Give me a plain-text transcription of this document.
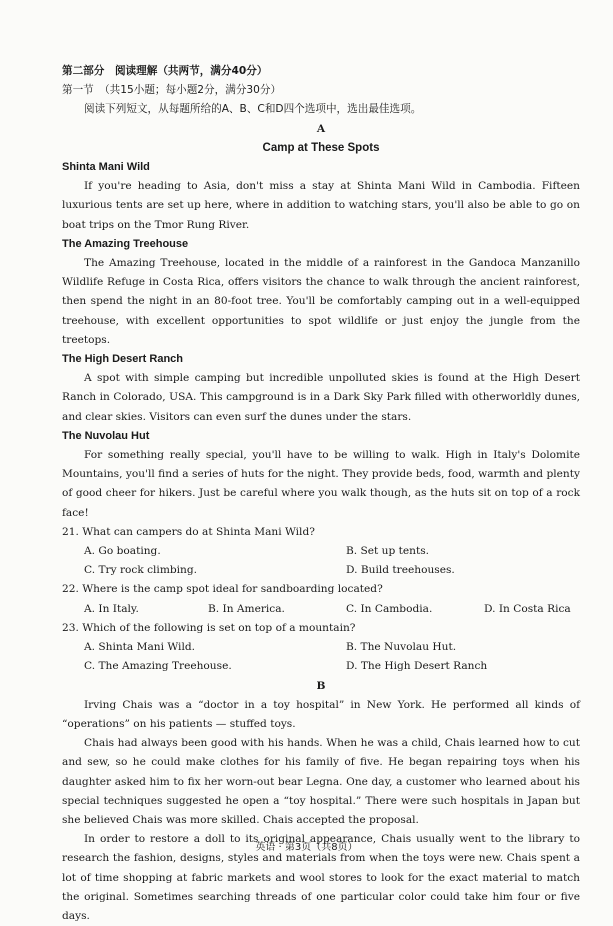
第二部分　阅读理解（共两节，满分40分）

第一节　（共15小题；每小题2分，满分30分）

阅读下列短文，从每题所给的A、B、C和D四个选项中，选出最佳选项。

A

Camp at These Spots

Shinta Mani Wild

If you're heading to Asia, don't miss a stay at Shinta Mani Wild in Cambodia. Fifteen luxurious tents are set up here, where in addition to watching stars, you'll also be able to go on boat trips on the Tmor Rung River.

The Amazing Treehouse

The Amazing Treehouse, located in the middle of a rainforest in the Gandoca Manzanillo Wildlife Refuge in Costa Rica, offers visitors the chance to walk through the ancient rainforest, then spend the night in an 80-foot tree. You'll be comfortably camping out in a well-equipped treehouse, with excellent opportunities to spot wildlife or just enjoy the jungle from the treetops.

The High Desert Ranch

A spot with simple camping but incredible unpolluted skies is found at the High Desert Ranch in Colorado, USA. This campground is in a Dark Sky Park filled with otherworldly dunes, and clear skies. Visitors can even surf the dunes under the stars.

The Nuvolau Hut

For something really special, you'll have to be willing to walk. High in Italy's Dolomite Mountains, you'll find a series of huts for the night. They provide beds, food, warmth and plenty of good cheer for hikers. Just be careful where you walk though, as the huts sit on top of a rock face!

21. What can campers do at Shinta Mani Wild?

A. Go boating.	B. Set up tents.
C. Try rock climbing.	D. Build treehouses.

22. Where is the camp spot ideal for sandboarding located?

A. In Italy.	B. In America.	C. In Cambodia.	D. In Costa Rica

23. Which of the following is set on top of a mountain?

A. Shinta Mani Wild.	B. The Nuvolau Hut.
C. The Amazing Treehouse.	D. The High Desert Ranch

B

Irving Chais was a “doctor in a toy hospital” in New York. He performed all kinds of “operations” on his patients — stuffed toys.

Chais had always been good with his hands. When he was a child, Chais learned how to cut and sew, so he could make clothes for his family of five. He began repairing toys when his daughter asked him to fix her worn-out bear Legna. One day, a customer who learned about his special techniques suggested he open a “toy hospital.” There were such hospitals in Japan but she believed Chais was more skilled. Chais accepted the proposal.

In order to restore a doll to its original appearance, Chais usually went to the library to research the fashion, designs, styles and materials from when the toys were new. Chais spent a lot of time shopping at fabric markets and wool stores to look for the exact material to match the original. Sometimes searching threads of one particular color could take him four or five days.

英语 · 第3页（共8页）
